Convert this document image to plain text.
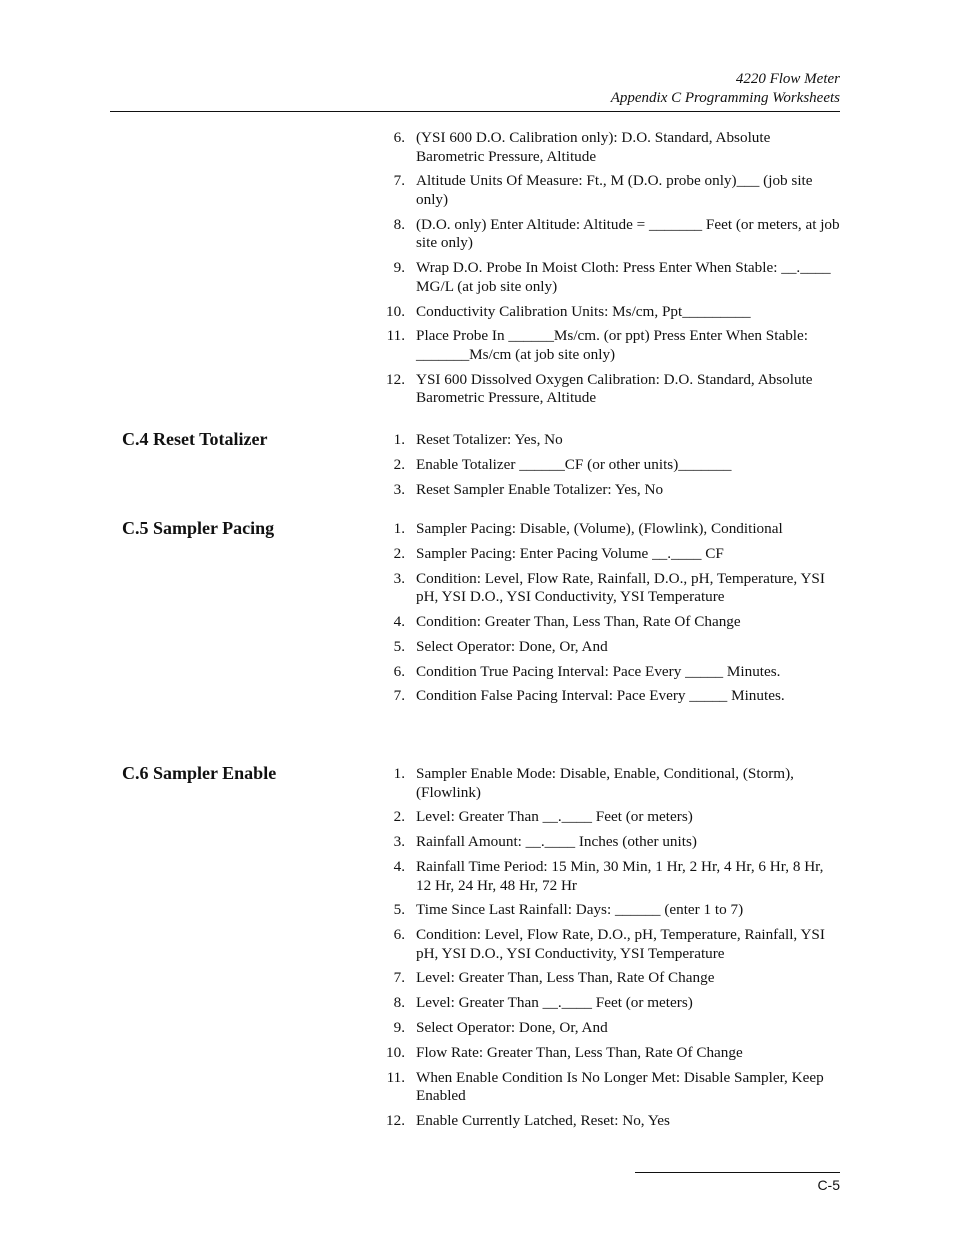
4220 Flow Meter
Appendix C Programming Worksheets
6. (YSI 600 D.O. Calibration only): D.O. Standard, Absolute Barometric Pressure, Altitude
7. Altitude Units Of Measure: Ft., M (D.O. probe only)___ (job site only)
8. (D.O. only) Enter Altitude: Altitude = _______ Feet (or meters, at job site only)
9. Wrap D.O. Probe In Moist Cloth: Press Enter When Stable: __.____ MG/L (at job site only)
10. Conductivity Calibration Units: Ms/cm, Ppt_________
11. Place Probe In ______Ms/cm. (or ppt) Press Enter When Stable: _______Ms/cm (at job site only)
12. YSI 600 Dissolved Oxygen Calibration: D.O. Standard, Absolute Barometric Pressure, Altitude
C.4 Reset Totalizer	1. Reset Totalizer: Yes, No
2. Enable Totalizer ______CF (or other units)_______
3. Reset Sampler Enable Totalizer: Yes, No
C.5 Sampler Pacing	1. Sampler Pacing: Disable, (Volume), (Flowlink), Conditional
2. Sampler Pacing: Enter Pacing Volume __.____ CF
3. Condition: Level, Flow Rate, Rainfall, D.O., pH, Temperature, YSI pH, YSI D.O., YSI Conductivity, YSI Temperature
4. Condition: Greater Than, Less Than, Rate Of Change
5. Select Operator: Done, Or, And
6. Condition True Pacing Interval: Pace Every _____ Minutes.
7. Condition False Pacing Interval: Pace Every _____ Minutes.
C.6 Sampler Enable	1. Sampler Enable Mode: Disable, Enable, Conditional, (Storm), (Flowlink)
2. Level: Greater Than __.____ Feet (or meters)
3. Rainfall Amount: __.____ Inches (other units)
4. Rainfall Time Period: 15 Min, 30 Min, 1 Hr, 2 Hr, 4 Hr, 6 Hr, 8 Hr, 12 Hr, 24 Hr, 48 Hr, 72 Hr
5. Time Since Last Rainfall: Days: ______ (enter 1 to 7)
6. Condition: Level, Flow Rate, D.O., pH, Temperature, Rainfall, YSI pH, YSI D.O., YSI Conductivity, YSI Temperature
7. Level: Greater Than, Less Than, Rate Of Change
8. Level: Greater Than __.____ Feet (or meters)
9. Select Operator: Done, Or, And
10. Flow Rate: Greater Than, Less Than, Rate Of Change
11. When Enable Condition Is No Longer Met: Disable Sampler, Keep Enabled
12. Enable Currently Latched, Reset: No, Yes
C-5
